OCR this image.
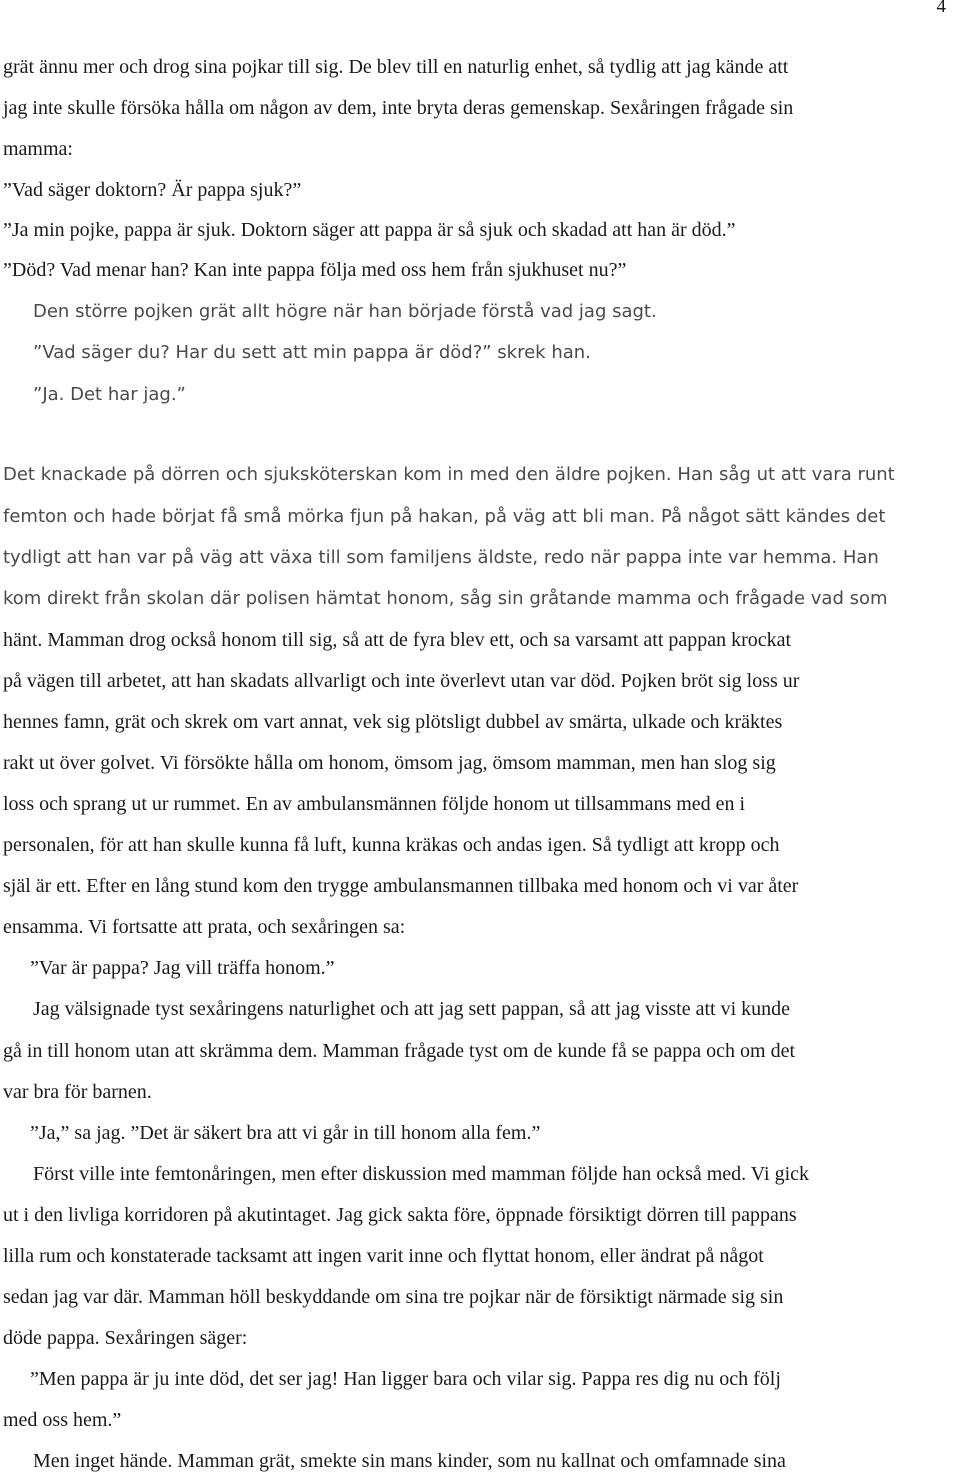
4
grät ännu mer och drog sina pojkar till sig. De blev till en naturlig enhet, så tydlig att jag kände att
jag inte skulle försöka hålla om någon av dem, inte bryta deras gemenskap. Sexåringen frågade sin
mamma:
”Vad säger doktorn? Är pappa sjuk?”
”Ja min pojke, pappa är sjuk. Doktorn säger att pappa är så sjuk och skadad att han är död.”
”Död? Vad menar han? Kan inte pappa följa med oss hem från sjukhuset nu?”
Den större pojken grät allt högre när han började förstå vad jag sagt.
”Vad säger du? Har du sett att min pappa är död?” skrek han.
”Ja. Det har jag.”
Det knackade på dörren och sjuksköterskan kom in med den äldre pojken. Han såg ut att vara runt
femton och hade börjat få små mörka fjun på hakan, på väg att bli man. På något sätt kändes det
tydligt att han var på väg att växa till som familjens äldste, redo när pappa inte var hemma. Han
kom direkt från skolan där polisen hämtat honom, såg sin gråtande mamma och frågade vad som
hänt. Mamman drog också honom till sig, så att de fyra blev ett, och sa varsamt att pappan krockat
på vägen till arbetet, att han skadats allvarligt och inte överlevt utan var död. Pojken bröt sig loss ur
hennes famn, grät och skrek om vart annat, vek sig plötsligt dubbel av smärta, ulkade och kräktes
rakt ut över golvet. Vi försökte hålla om honom, ömsom jag, ömsom mamman, men han slog sig
loss och sprang ut ur rummet. En av ambulansmännen följde honom ut tillsammans med en i
personalen, för att han skulle kunna få luft, kunna kräkas och andas igen. Så tydligt att kropp och
själ är ett. Efter en lång stund kom den trygge ambulansmannen tillbaka med honom och vi var åter
ensamma. Vi fortsatte att prata, och sexåringen sa:
”Var är pappa? Jag vill träffa honom.”
Jag välsignade tyst sexåringens naturlighet och att jag sett pappan, så att jag visste att vi kunde
gå in till honom utan att skrämma dem. Mamman frågade tyst om de kunde få se pappa och om det
var bra för barnen.
”Ja,” sa jag. ”Det är säkert bra att vi går in till honom alla fem.”
Först ville inte femtonåringen, men efter diskussion med mamman följde han också med. Vi gick
ut i den livliga korridoren på akutintaget. Jag gick sakta före, öppnade försiktigt dörren till pappans
lilla rum och konstaterade tacksamt att ingen varit inne och flyttat honom, eller ändrat på något
sedan jag var där. Mamman höll beskyddande om sina tre pojkar när de försiktigt närmade sig sin
döde pappa. Sexåringen säger:
”Men pappa är ju inte död, det ser jag! Han ligger bara och vilar sig. Pappa res dig nu och följ
med oss hem.”
Men inget hände. Mamman grät, smekte sin mans kinder, som nu kallnat och omfamnade sina
